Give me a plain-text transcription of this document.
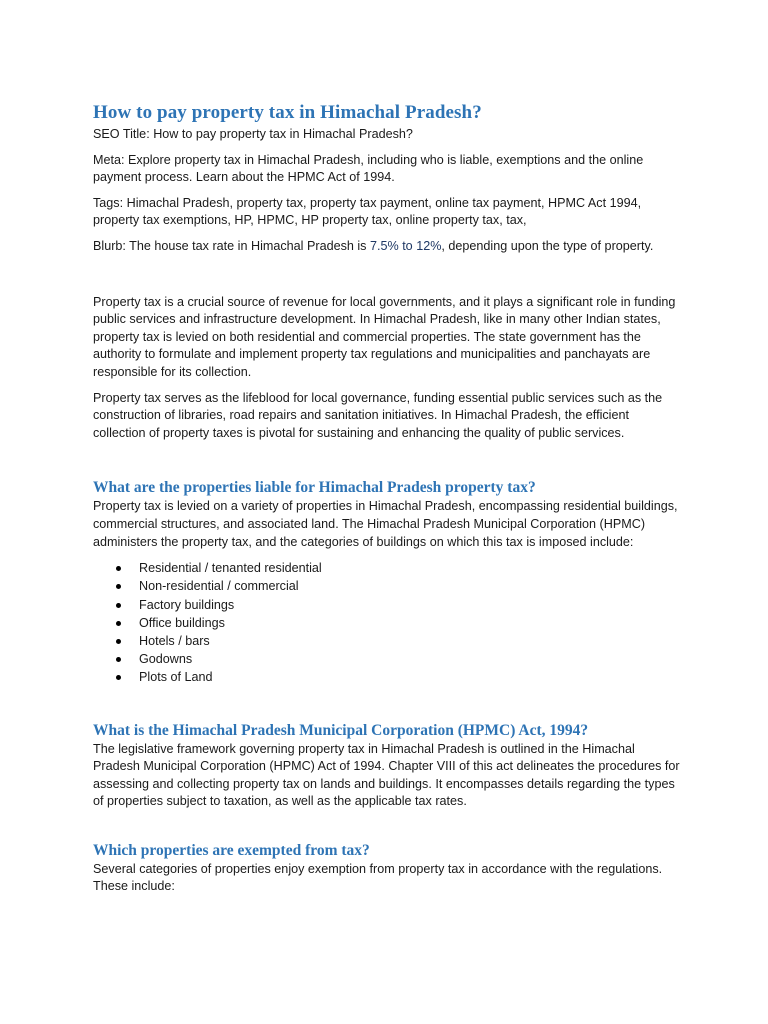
How to pay property tax in Himachal Pradesh?

SEO Title: How to pay property tax in Himachal Pradesh?

Meta: Explore property tax in Himachal Pradesh, including who is liable, exemptions and the online payment process. Learn about the HPMC Act of 1994.

Tags: Himachal Pradesh, property tax, property tax payment, online tax payment, HPMC Act 1994, property tax exemptions, HP, HPMC, HP property tax, online property tax, tax,

Blurb: The house tax rate in Himachal Pradesh is 7.5% to 12%, depending upon the type of property.

Property tax is a crucial source of revenue for local governments, and it plays a significant role in funding public services and infrastructure development. In Himachal Pradesh, like in many other Indian states, property tax is levied on both residential and commercial properties. The state government has the authority to formulate and implement property tax regulations and municipalities and panchayats are responsible for its collection.

Property tax serves as the lifeblood for local governance, funding essential public services such as the construction of libraries, road repairs and sanitation initiatives. In Himachal Pradesh, the efficient collection of property taxes is pivotal for sustaining and enhancing the quality of public services.

What are the properties liable for Himachal Pradesh property tax?

Property tax is levied on a variety of properties in Himachal Pradesh, encompassing residential buildings, commercial structures, and associated land. The Himachal Pradesh Municipal Corporation (HPMC) administers the property tax, and the categories of buildings on which this tax is imposed include:

Residential / tenanted residential
Non-residential / commercial
Factory buildings
Office buildings
Hotels / bars
Godowns
Plots of Land
What is the Himachal Pradesh Municipal Corporation (HPMC) Act, 1994?

The legislative framework governing property tax in Himachal Pradesh is outlined in the Himachal Pradesh Municipal Corporation (HPMC) Act of 1994. Chapter VIII of this act delineates the procedures for assessing and collecting property tax on lands and buildings. It encompasses details regarding the types of properties subject to taxation, as well as the applicable tax rates.

Which properties are exempted from tax?

Several categories of properties enjoy exemption from property tax in accordance with the regulations. These include:
